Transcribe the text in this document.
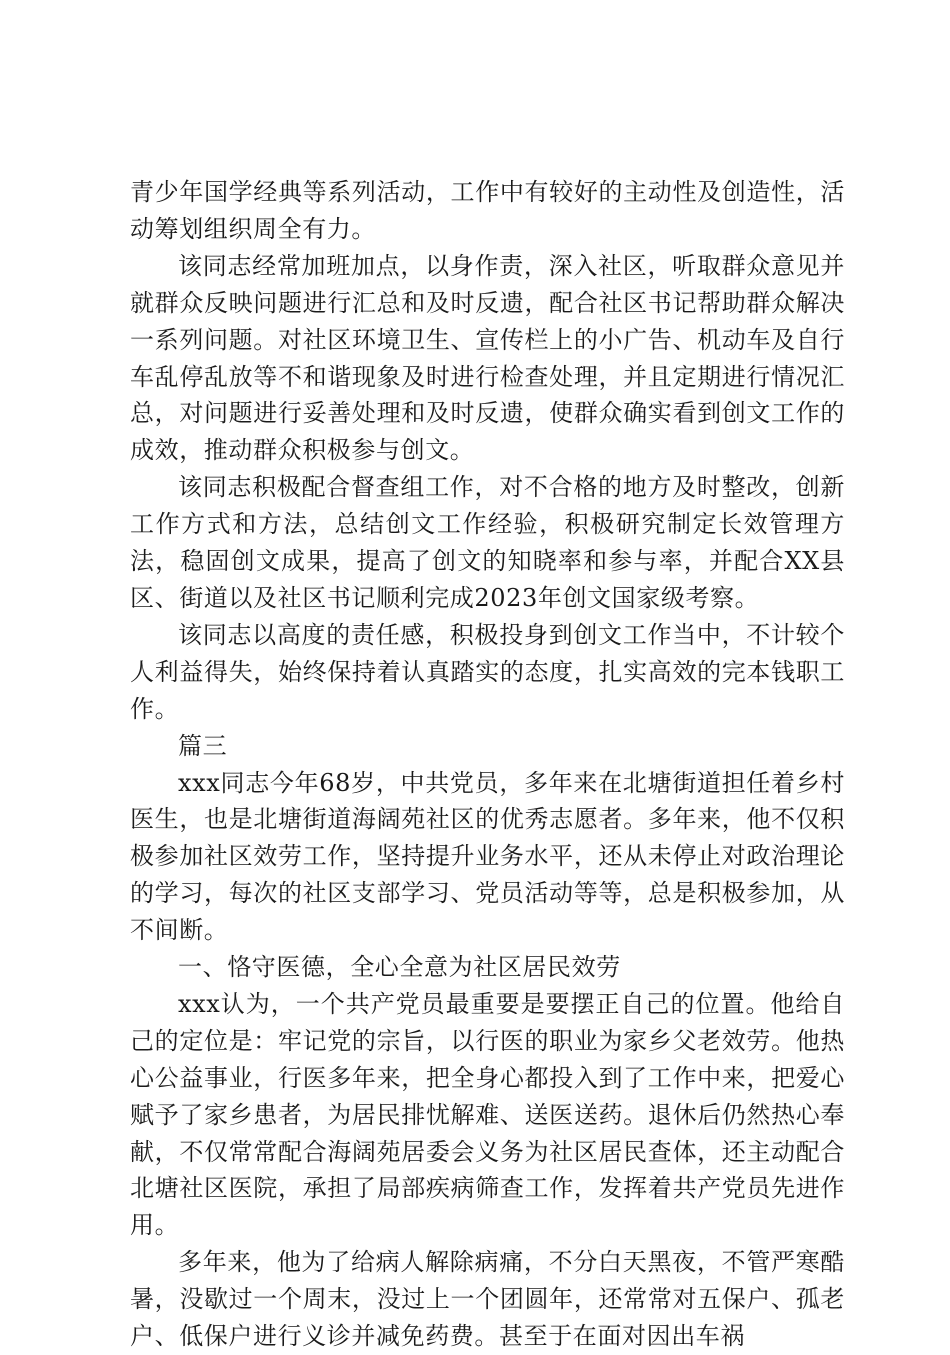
青少年国学经典等系列活动，工作中有较好的主动性及创造性，活动筹划组织周全有力。

该同志经常加班加点，以身作责，深入社区，听取群众意见并就群众反映问题进行汇总和及时反遗，配合社区书记帮助群众解决一系列问题。对社区环境卫生、宣传栏上的小广告、机动车及自行车乱停乱放等不和谐现象及时进行检查处理，并且定期进行情况汇总，对问题进行妥善处理和及时反遗，使群众确实看到创文工作的成效，推动群众积极参与创文。

该同志积极配合督查组工作，对不合格的地方及时整改，创新工作方式和方法，总结创文工作经验，积极研究制定长效管理方法，稳固创文成果，提高了创文的知晓率和参与率，并配合XX县区、街道以及社区书记顺利完成2023年创文国家级考察。

该同志以高度的责任感，积极投身到创文工作当中，不计较个人利益得失，始终保持着认真踏实的态度，扎实高效的完本钱职工作。

篇三

xxx同志今年68岁，中共党员，多年来在北塘街道担任着乡村医生，也是北塘街道海阔苑社区的优秀志愿者。多年来，他不仅积极参加社区效劳工作，坚持提升业务水平，还从未停止对政治理论的学习，每次的社区支部学习、党员活动等等，总是积极参加，从不间断。

一、恪守医德，全心全意为社区居民效劳

xxx认为，一个共产党员最重要是要摆正自己的位置。他给自己的定位是：牢记党的宗旨，以行医的职业为家乡父老效劳。他热心公益事业，行医多年来，把全身心都投入到了工作中来，把爱心赋予了家乡患者，为居民排忧解难、送医送药。退休后仍然热心奉献，不仅常常配合海阔苑居委会义务为社区居民查体，还主动配合北塘社区医院，承担了局部疾病筛查工作，发挥着共产党员先进作用。

多年来，他为了给病人解除病痛，不分白天黑夜，不管严寒酷暑，没歇过一个周末，没过上一个团圆年，还常常对五保户、孤老户、低保户进行义诊并减免药费。甚至于在面对因出车祸
